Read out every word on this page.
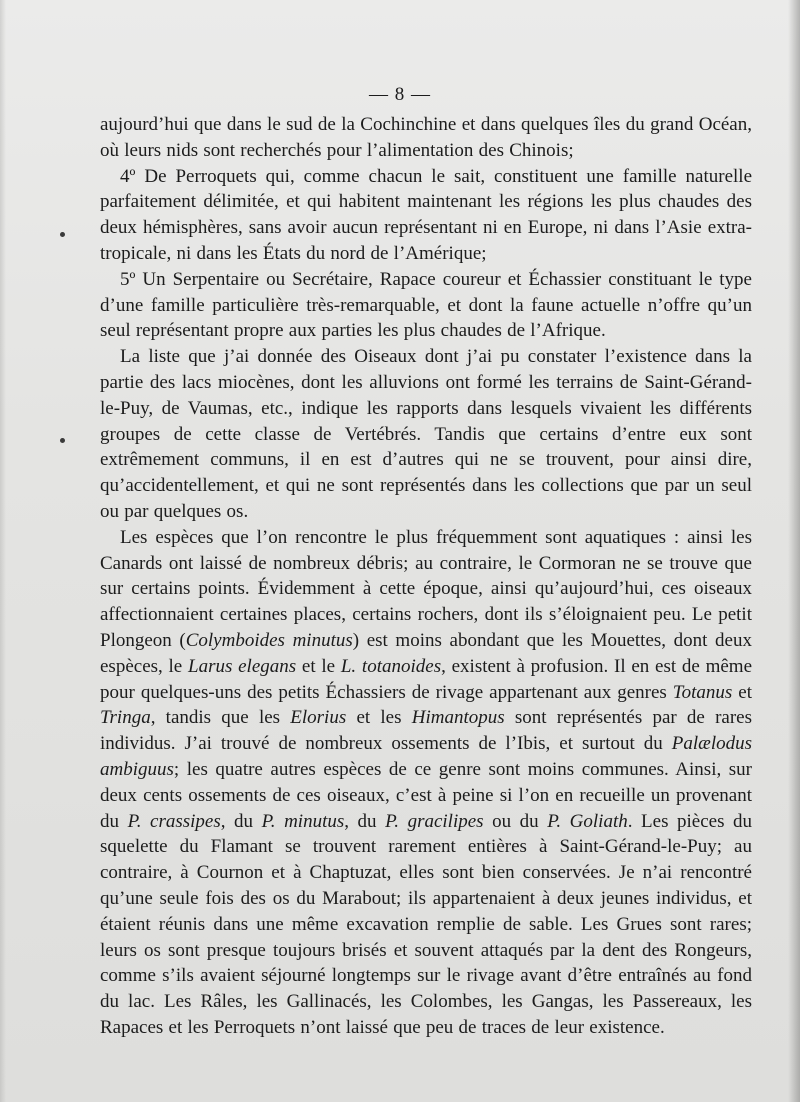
— 8 —

aujourd’hui que dans le sud de la Cochinchine et dans quelques îles du grand Océan, où leurs nids sont recherchés pour l’alimentation des Chinois;

4º De Perroquets qui, comme chacun le sait, constituent une famille naturelle parfaitement délimitée, et qui habitent maintenant les régions les plus chaudes des deux hémisphères, sans avoir aucun représentant ni en Europe, ni dans l’Asie extra-tropicale, ni dans les États du nord de l’Amérique;

5º Un Serpentaire ou Secrétaire, Rapace coureur et Échassier constituant le type d’une famille particulière très-remarquable, et dont la faune actuelle n’offre qu’un seul représentant propre aux parties les plus chaudes de l’Afrique.

La liste que j’ai donnée des Oiseaux dont j’ai pu constater l’existence dans la partie des lacs miocènes, dont les alluvions ont formé les terrains de Saint-Gérand-le-Puy, de Vaumas, etc., indique les rapports dans lesquels vivaient les différents groupes de cette classe de Vertébrés. Tandis que certains d’entre eux sont extrêmement communs, il en est d’autres qui ne se trouvent, pour ainsi dire, qu’accidentellement, et qui ne sont représentés dans les collections que par un seul ou par quelques os.

Les espèces que l’on rencontre le plus fréquemment sont aquatiques : ainsi les Canards ont laissé de nombreux débris; au contraire, le Cormoran ne se trouve que sur certains points. Évidemment à cette époque, ainsi qu’aujourd’hui, ces oiseaux affectionnaient certaines places, certains rochers, dont ils s’éloignaient peu. Le petit Plongeon (Colymboides minutus) est moins abondant que les Mouettes, dont deux espèces, le Larus elegans et le L. totanoides, existent à profusion. Il en est de même pour quelques-uns des petits Échassiers de rivage appartenant aux genres Totanus et Tringa, tandis que les Elorius et les Himantopus sont représentés par de rares individus. J’ai trouvé de nombreux ossements de l’Ibis, et surtout du Palælodus ambiguus; les quatre autres espèces de ce genre sont moins communes. Ainsi, sur deux cents ossements de ces oiseaux, c’est à peine si l’on en recueille un provenant du P. crassipes, du P. minutus, du P. gracilipes ou du P. Goliath. Les pièces du squelette du Flamant se trouvent rarement entières à Saint-Gérand-le-Puy; au contraire, à Cournon et à Chaptuzat, elles sont bien conservées. Je n’ai rencontré qu’une seule fois des os du Marabout; ils appartenaient à deux jeunes individus, et étaient réunis dans une même excavation remplie de sable. Les Grues sont rares; leurs os sont presque toujours brisés et souvent attaqués par la dent des Rongeurs, comme s’ils avaient séjourné longtemps sur le rivage avant d’être entraînés au fond du lac. Les Râles, les Gallinacés, les Colombes, les Gangas, les Passereaux, les Rapaces et les Perroquets n’ont laissé que peu de traces de leur existence.
